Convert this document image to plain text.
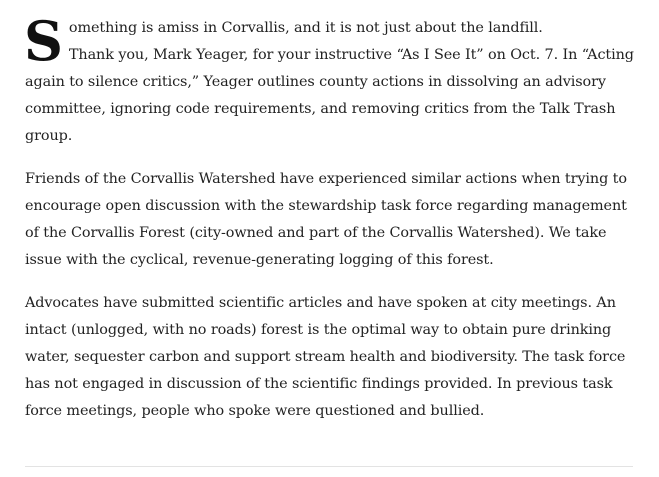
Something is amiss in Corvallis, and it is not just about the landfill.

Thank you, Mark Yeager, for your instructive “As I See It” on Oct. 7. In “Acting

again to silence critics,” Yeager outlines county actions in dissolving an advisory committee, ignoring code requirements, and removing critics from the Talk Trash group.

Friends of the Corvallis Watershed have experienced similar actions when trying to encourage open discussion with the stewardship task force regarding management of the Corvallis Forest (city-owned and part of the Corvallis Watershed). We take issue with the cyclical, revenue-generating logging of this forest.

Advocates have submitted scientific articles and have spoken at city meetings. An intact (unlogged, with no roads) forest is the optimal way to obtain pure drinking water, sequester carbon and support stream health and biodiversity. The task force has not engaged in discussion of the scientific findings provided. In previous task force meetings, people who spoke were questioned and bullied.
